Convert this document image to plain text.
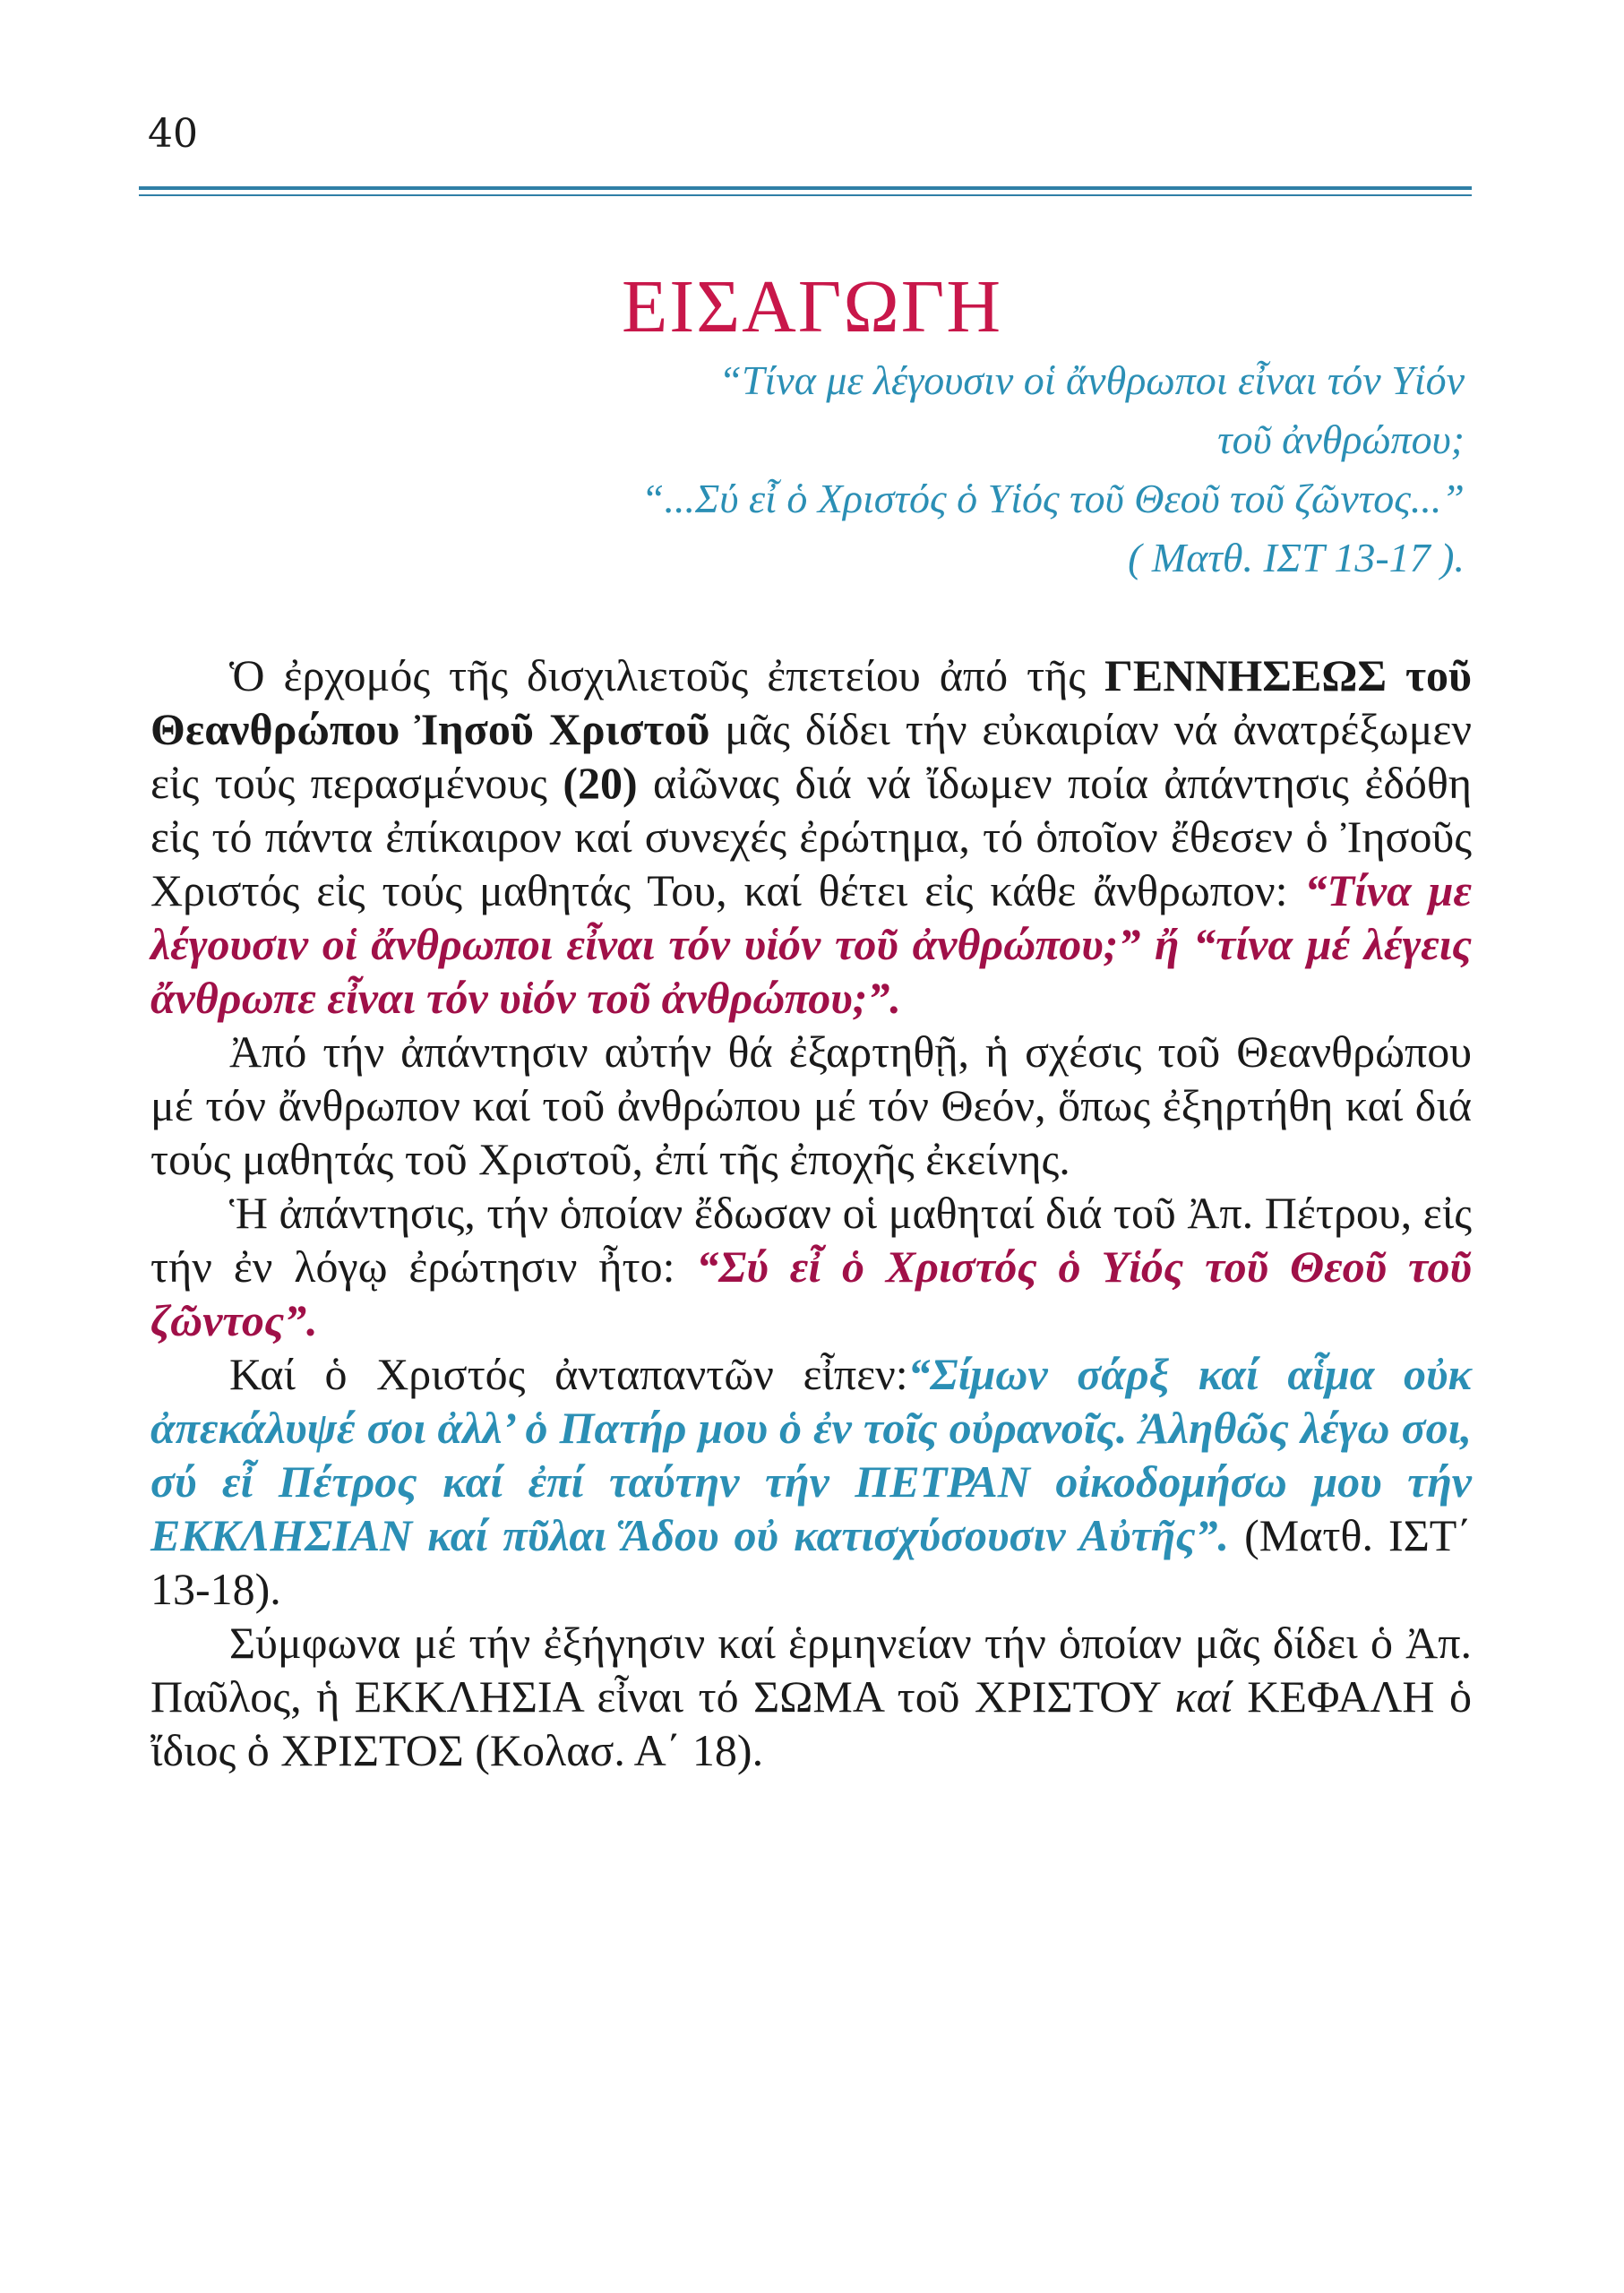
40
ΕΙΣΑΓΩΓΗ
“Τίνα με λέγουσιν οἱ ἄνθρωποι εἶναι τόν Υἱόν
τοῦ ἀνθρώπου;
“...Σύ εἶ ὁ Χριστός ὁ Υἱός τοῦ Θεοῦ τοῦ ζῶντος...”
( Ματθ. ΙΣΤ 13-17 ).

Ὁ ἐρχομός τῆς δισχιλιετοῦς ἐπετείου ἀπό τῆς ΓΕΝΝΗΣΕΩΣ τοῦ Θεανθρώπου Ἰησοῦ Χριστοῦ μᾶς δίδει τήν εὐκαιρίαν νά ἀνατρέξωμεν εἰς τούς περασμένους (20) αἰῶνας διά νά ἴδωμεν ποία ἀπάντησις ἐδόθη εἰς τό πάντα ἐπίκαιρον καί συνεχές ἐρώτημα, τό ὁποῖον ἔθεσεν ὁ Ἰησοῦς Χριστός εἰς τούς μαθητάς Του, καί θέτει εἰς κάθε ἄνθρωπον: “Τίνα με λέγουσιν οἱ ἄνθρωποι εἶναι τόν υἱόν τοῦ ἀνθρώπου;” ἤ “τίνα μέ λέγεις ἄνθρωπε εἶναι τόν υἱόν τοῦ ἀνθρώπου;”.

Ἀπό τήν ἀπάντησιν αὐτήν θά ἐξαρτηθῇ, ἡ σχέσις τοῦ Θεανθρώπου μέ τόν ἄνθρωπον καί τοῦ ἀνθρώπου μέ τόν Θεόν, ὅπως ἐξηρτήθη καί διά τούς μαθητάς τοῦ Χριστοῦ, ἐπί τῆς ἐποχῆς ἐκείνης.

Ἡ ἀπάντησις, τήν ὁποίαν ἔδωσαν οἱ μαθηταί διά τοῦ Ἀπ. Πέτρου, εἰς τήν ἐν λόγῳ ἐρώτησιν ἦτο: “Σύ εἶ ὁ Χριστός ὁ Υἱός τοῦ Θεοῦ τοῦ ζῶντος”.

Καί ὁ Χριστός ἀνταπαντῶν εἶπεν:“Σίμων σάρξ καί αἷμα οὐκ ἀπεκάλυψέ σοι ἀλλ’ ὁ Πατήρ μου ὁ ἐν τοῖς οὐρανοῖς. Ἀληθῶς λέγω σοι, σύ εἶ Πέτρος καί ἐπί ταύτην τήν ΠΕΤΡΑΝ οἰκοδομήσω μου τήν ΕΚΚΛΗΣΙΑΝ καί πῦλαι Ἅδου οὐ κατισχύσουσιν Αὐτῆς”. (Ματθ. ΙΣΤ΄ 13-18).

Σύμφωνα μέ τήν ἐξήγησιν καί ἑρμηνείαν τήν ὁποίαν μᾶς δίδει ὁ Ἀπ. Παῦλος, ἡ ΕΚΚΛΗΣΙΑ εἶναι τό ΣΩΜΑ τοῦ ΧΡΙΣΤΟΥ καί ΚΕΦΑΛΗ ὁ ἴδιος ὁ ΧΡΙΣΤΟΣ (Κολασ. Α΄ 18).
